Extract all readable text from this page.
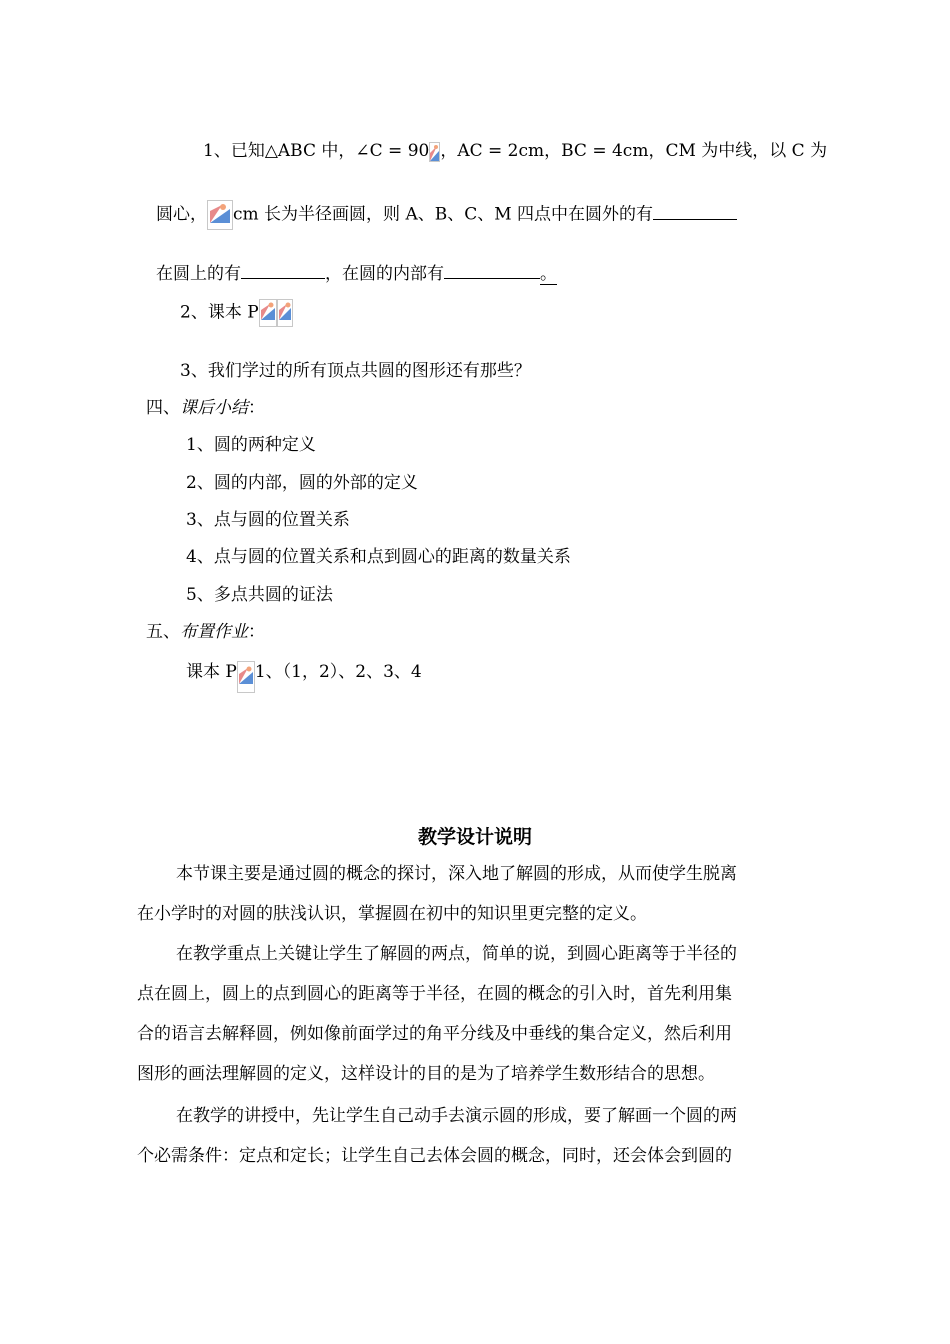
1、已知△ABC 中，∠C = 90 ，AC = 2cm，BC = 4cm，CM 为中线，以 C 为
圆心， cm 长为半径画圆，则 A、B、C、M 四点中在圆外的有
在圆上的有	，在圆的内部有	。
2、课本 P
3、我们学过的所有顶点共圆的图形还有那些？
四、课后小结：
1、圆的两种定义
2、圆的内部，圆的外部的定义
3、点与圆的位置关系
4、点与圆的位置关系和点到圆心的距离的数量关系
5、多点共圆的证法
五、布置作业：
课本 P 1、（1，2）、2、3、4
教学设计说明
本节课主要是通过圆的概念的探讨，深入地了解圆的形成，从而使学生脱离
在小学时的对圆的肤浅认识，掌握圆在初中的知识里更完整的定义。
在教学重点上关键让学生了解圆的两点，简单的说，到圆心距离等于半径的
点在圆上，圆上的点到圆心的距离等于半径，在圆的概念的引入时，首先利用集
合的语言去解释圆，例如像前面学过的角平分线及中垂线的集合定义，然后利用
图形的画法理解圆的定义，这样设计的目的是为了培养学生数形结合的思想。
在教学的讲授中，先让学生自己动手去演示圆的形成，要了解画一个圆的两
个必需条件：定点和定长；让学生自己去体会圆的概念，同时，还会体会到圆的
